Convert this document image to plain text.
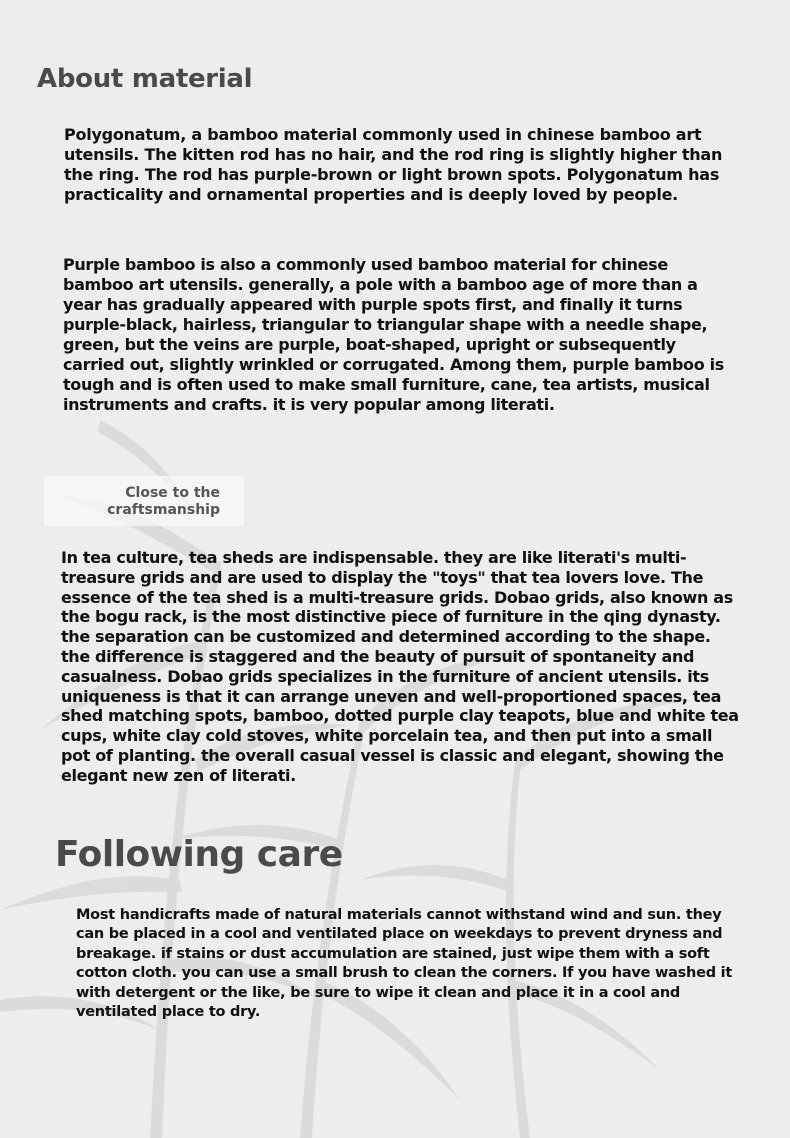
About material

Polygonatum, a bamboo material commonly used in chinese bamboo art utensils. The kitten rod has no hair, and the rod ring is slightly higher than the ring. The rod has purple-brown or light brown spots. Polygonatum has practicality and ornamental properties and is deeply loved by people.

Purple bamboo is also a commonly used bamboo material for chinese bamboo art utensils. generally, a pole with a bamboo age of more than a year has gradually appeared with purple spots first, and finally it turns purple-black, hairless, triangular to triangular shape with a needle shape, green, but the veins are purple, boat-shaped, upright or subsequently carried out, slightly wrinkled or corrugated. Among them, purple bamboo is tough and is often used to make small furniture, cane, tea artists, musical instruments and crafts. it is very popular among literati.

Close to the craftsmanship

In tea culture, tea sheds are indispensable. they are like literati's multi-treasure grids and are used to display the "toys" that tea lovers love. The essence of the tea shed is a multi-treasure grids. Dobao grids, also known as the bogu rack, is the most distinctive piece of furniture in the qing dynasty. the separation can be customized and determined according to the shape. the difference is staggered and the beauty of pursuit of spontaneity and casualness. Dobao grids specializes in the furniture of ancient utensils. its uniqueness is that it can arrange uneven and well-proportioned spaces, tea shed matching spots, bamboo, dotted purple clay teapots, blue and white tea cups, white clay cold stoves, white porcelain tea, and then put into a small pot of planting. the overall casual vessel is classic and elegant, showing the elegant new zen of literati.

Following care

Most handicrafts made of natural materials cannot withstand wind and sun. they can be placed in a cool and ventilated place on weekdays to prevent dryness and breakage. if stains or dust accumulation are stained, just wipe them with a soft cotton cloth. you can use a small brush to clean the corners. If you have washed it with detergent or the like, be sure to wipe it clean and place it in a cool and ventilated place to dry.
